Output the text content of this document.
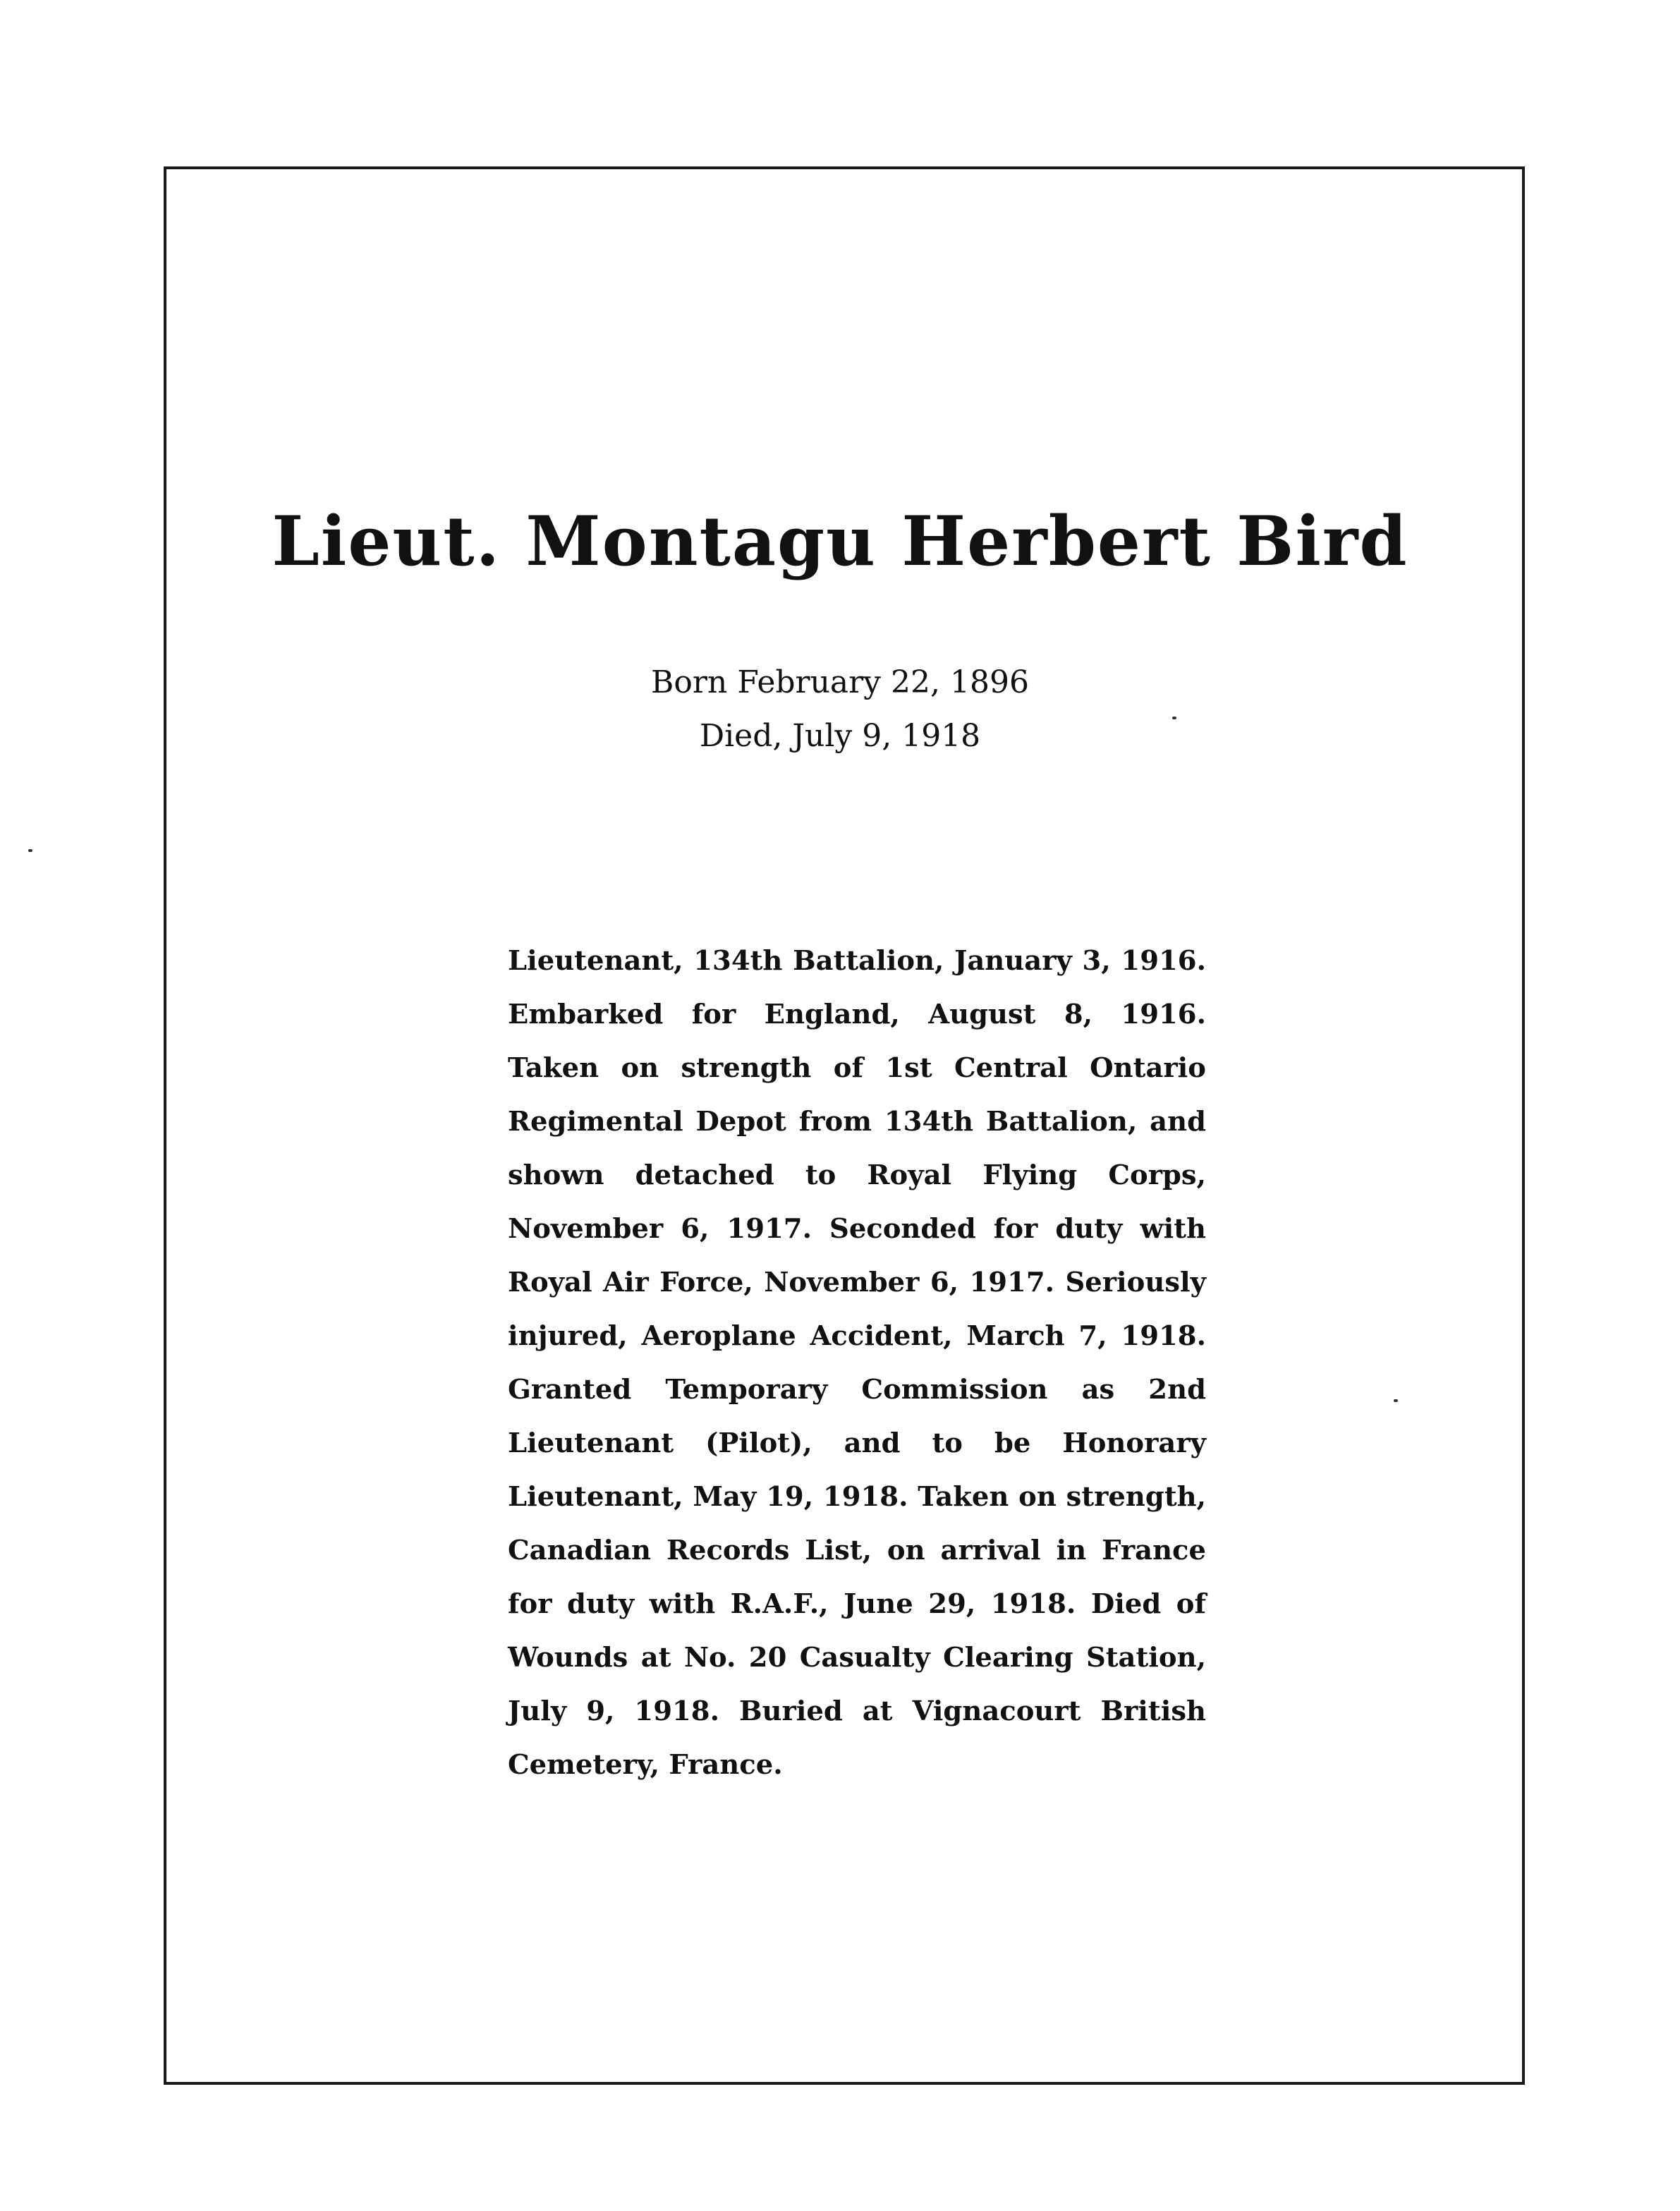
Lieut. Montagu Herbert Bird
Born February 22, 1896
Died, July 9, 1918

Lieutenant, 134th Battalion, January 3, 1916. Embarked for England, August 8, 1916. Taken on strength of 1st Central Ontario Regimental Depot from 134th Battalion, and shown detached to Royal Flying Corps, November 6, 1917. Seconded for duty with Royal Air Force, November 6, 1917. Seriously injured, Aeroplane Accident, March 7, 1918. Granted Temporary Commission as 2nd Lieutenant (Pilot), and to be Honorary Lieutenant, May 19, 1918. Taken on strength, Canadian Records List, on arrival in France for duty with R.A.F., June 29, 1918. Died of Wounds at No. 20 Casualty Clearing Station, July 9, 1918. Buried at Vignacourt British Cemetery, France.
